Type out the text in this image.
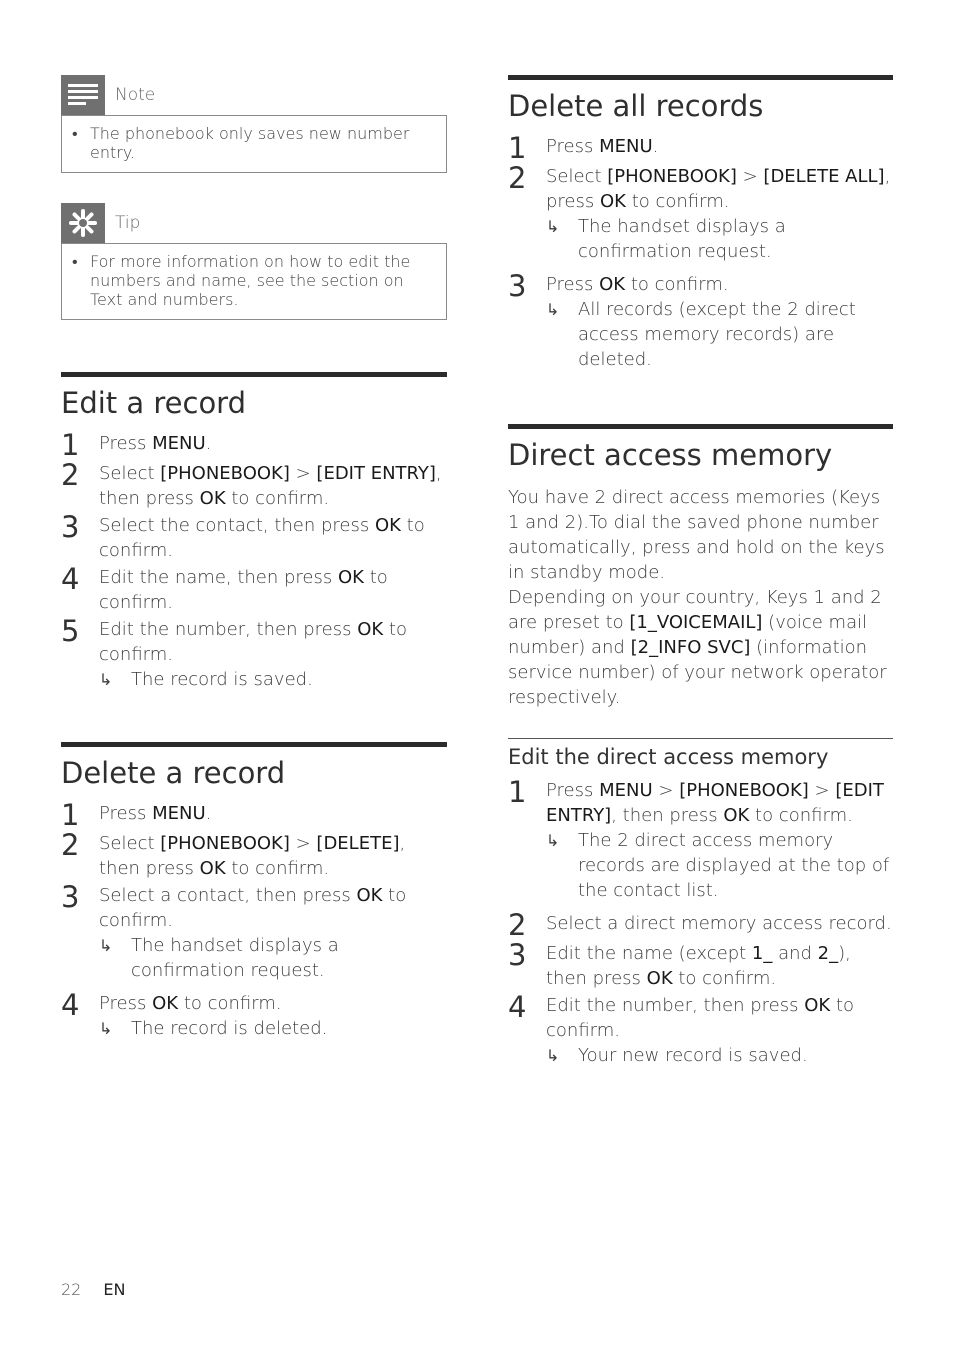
Note
• The phonebook only saves new number entry.
Tip
• For more information on how to edit the numbers and name, see the section on Text and numbers.
Edit a record
1	Press MENU.
2	Select [PHONEBOOK] > [EDIT ENTRY], then press OK to confirm.
3	Select the contact, then press OK to confirm.
4	Edit the name, then press OK to confirm.
5	Edit the number, then press OK to confirm.
↳	The record is saved.
Delete a record
1	Press MENU.
2	Select [PHONEBOOK] > [DELETE], then press OK to confirm.
3	Select a contact, then press OK to confirm.
↳	The handset displays a confirmation request.
4	Press OK to confirm.
↳	The record is deleted.
Delete all records
1	Press MENU.
2	Select [PHONEBOOK] > [DELETE ALL], press OK to confirm.
↳	The handset displays a confirmation request.
3	Press OK to confirm.
↳	All records (except the 2 direct access memory records) are deleted.
Direct access memory
You have 2 direct access memories (Keys 1 and 2).To dial the saved phone number automatically, press and hold on the keys in standby mode.
Depending on your country, Keys 1 and 2 are preset to [1_VOICEMAIL] (voice mail number) and [2_INFO SVC] (information service number) of your network operator respectively.
Edit the direct access memory
1	Press MENU > [PHONEBOOK] > [EDIT ENTRY], then press OK to confirm.
↳	The 2 direct access memory records are displayed at the top of the contact list.
2	Select a direct memory access record.
3	Edit the name (except 1_ and 2_), then press OK to confirm.
4	Edit the number, then press OK to confirm.
↳	Your new record is saved.
22 EN
